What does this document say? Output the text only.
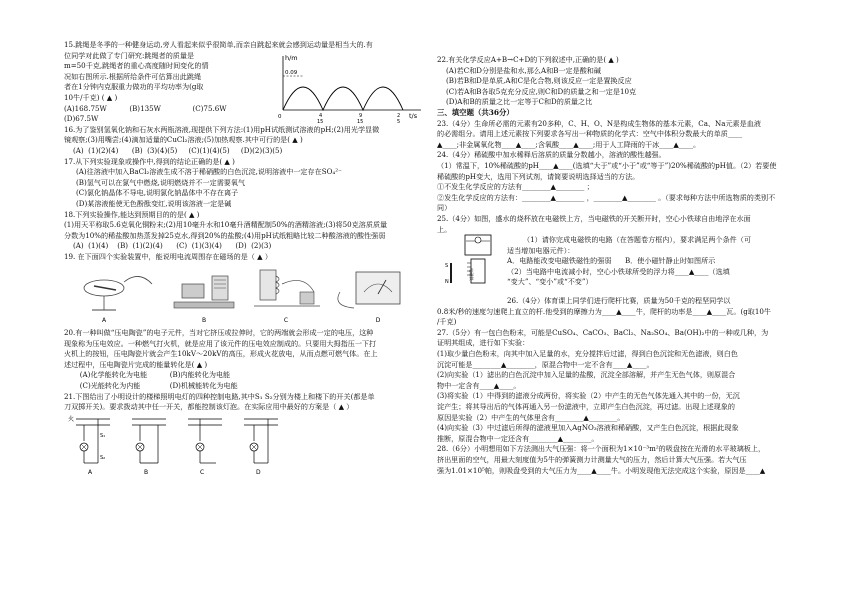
15.跳绳是冬季的一种健身运动,旁人看起来似乎很简单,而亲自跳起来就会感到运动量是相当大的.有

位同学对此做了专门研究:跳绳者的质量是

m=50千克,跳绳者的重心高度随时间变化的情

况如右图所示.根据所给条件可估算出此跳绳

者在1分钟内克服重力做功的平均功率为(g取

10牛/千克) ( ▲ )

(A)168.75W          (B)135W              (C)75.6W

(D)67.5W

h/m
0.09
t/s
0	4
15
9
15
2
5

16.为了鉴别氢氧化钠和石灰水两瓶溶液,现提供下列方法:(1)用pH试纸测试溶液的pH;(2)用光学显微

镜观察;(3)用嘴尝;(4)滴加适量的CuCl₂溶液;(5)加热观察.其中可行的是( ▲ )

(A)  (1)(2)(4)      (B)  (3)(4)(5)     (C)(1)(4)(5)     (D)(2)(3)(5)

17.从下列实验现象或操作中,得到的结论正确的是( ▲ )

(A)往溶液中加入BaCl₂溶液生成不溶于稀硝酸的白色沉淀,说明溶液中一定存在SO₄²⁻

(B)氢气可以在氯气中燃烧,说明燃烧并不一定需要氧气

(C)氯化钠晶体不导电,说明氯化钠晶体中不存在离子

(D)某溶液能使无色酚酞变红,说明该溶液一定是碱

18.下列实验操作,能达到预期目的的是( ▲ )

(1)用天平称取5.6克氧化铜粉末;(2)用10毫升水和10毫升酒精配制50%的酒精溶液;(3)将50克溶质质量

分数为10%的稀盐酸加热蒸发掉25克水,得到20%的盐酸;(4)用pH试纸粗略比较二种酸溶液的酸性强弱

(A)  (1)(4)    (B)  (1)(2)(4)      (C)  (1)(3)(4)      (D)  (2)(3)

19. 在下面四个实验装置中，能说明电流周围存在磁场的是（ ▲ ）

A	B	C	D

20.有一种叫做“压电陶瓷”的电子元件，当对它挤压或拉伸时，它的两端就会形成一定的电压，这种

现象称为压电效应。一种燃气打火机，就是应用了该元件的压电效应制成的。只要用大拇指压一下打

火机上的按钮，压电陶瓷片就会产生10kV～20kV的高压，形成火花放电，从而点燃可燃气体。在上

述过程中，压电陶瓷片完成的能量转化是( ▲ )

(A)化学能转化为电能          (B)内能转化为电能

(C)光能转化为内能             (D)机械能转化为电能

21.下图给出了小明设计的楼梯照明电灯的四种控制电路,其中S₁ S₂分别为楼上和楼下的开关(都是单

刀双掷开关)。要求拨动其中任一开关，都能控制该灯泡。在实际应用中最好的方案是（ ▲ ）

火
S₁
S₂
A	B	C	D

22.有关化学反应A+B→C+D的下列叙述中,正确的是( ▲ )

(A)若C和D分别是盐和水,那么A和B一定是酸和碱

(B)若B和D是单质,A和C是化合物,则该反应一定是置换反应

(C)若A和B各取5克充分反应,则C和D的质量之和一定是10克

(D)A和B的质量之比一定等于C和D的质量之比

三、填空题（共36分）

23.（4分）生命所必需的元素有20多种，C、H、O、N是构成生物体的基本元素，Ca、Na元素是血液

的必需组分。请用上述元素按下列要求各写出一种物质的化学式：空气中体积分数最大的单质____

▲____;非金属氧化物____▲____;含氧酸____▲____;用于人工降雨的干冰____▲____。

24.（4分）稀硫酸中加水稀释后溶质的质量分数越小，溶液的酸性越强。

（1）常温下，10%稀硫酸的pH____▲____(选填“大于”或“小于”或“等于”)20%稀硫酸的pH值。（2）若要使

稀硫酸的pH变大，选用下列试剂，请简要说明选择适当的方法。

①不发生化学反应的方法有________▲________ ；

②发生化学反应的方法有：________▲________ ，________▲________ 。（要求每种方法中所选物质的类别不

同）

25.（4分）如图，盛水的烧杯放在电磁铁上方，当电磁铁的开关断开时，空心小铁球自由地浮在水面

上。

电磁铁
S
N

（1）请你完成电磁铁的电路（在答题卷方框内），要求满足两个条件（可

适当增加电器元件）：

A．电路能改变电磁铁磁性的强弱      B．使小磁针静止时如图所示

（2）当电路中电流减小时，空心小铁球所受的浮力将____▲____（选填

“变大”、“变小”或“不变”）

26.（4分）体育课上同学们进行爬杆比赛，质量为50千克的程坚同学以

0.8米/秒的速度匀速爬上直立的杆.他受到的摩擦力为____▲____牛，爬杆的功率是____▲____瓦。(g取10牛

/千克)

27.（5分）有一包白色粉末，可能是CuSO₄、CaCO₃、BaCl₂、Na₂SO₄、Ba(OH)₂中的一种或几种，为

证明其组成，进行如下实验：

(1)取少量白色粉末，向其中加入足量的水，充分搅拌后过滤，得到白色沉淀和无色滤液，则白色

沉淀可能是________▲________，原混合物中一定不含有____▲____。

(2)向实验（1）滤出的白色沉淀中加入足量的盐酸，沉淀全部溶解，并产生无色气体，则原混合

物中一定含有____▲____。

(3)将实验（1）中得到的滤液分成两份，将实验（2）中产生的无色气体先通入其中的一份，无沉

淀产生；将其导出后的气体再通入另一份滤液中，立即产生白色沉淀，再过滤。出现上述现象的

原因是实验（2）中产生的气体里含有________▲________。

(4)向实验（3）中过滤后所得的滤液里加入AgNO₃溶液和稀硝酸，又产生白色沉淀，根据此现象

推断，原混合物中一定还含有________▲________。

28.（6分）小明想用如下方法测出大气压强：将一个面积为1×10⁻³m²的吸盘按在光滑的水平玻璃板上，

挤出里面的空气，用最大刻度值为5牛的弹簧测力计测量大气的压力，然后计算大气压强。若大气压

强为1.01×10⁵帕，则吸盘受到的大气压力为____▲____牛。小明发现他无法完成这个实验，原因是____▲
